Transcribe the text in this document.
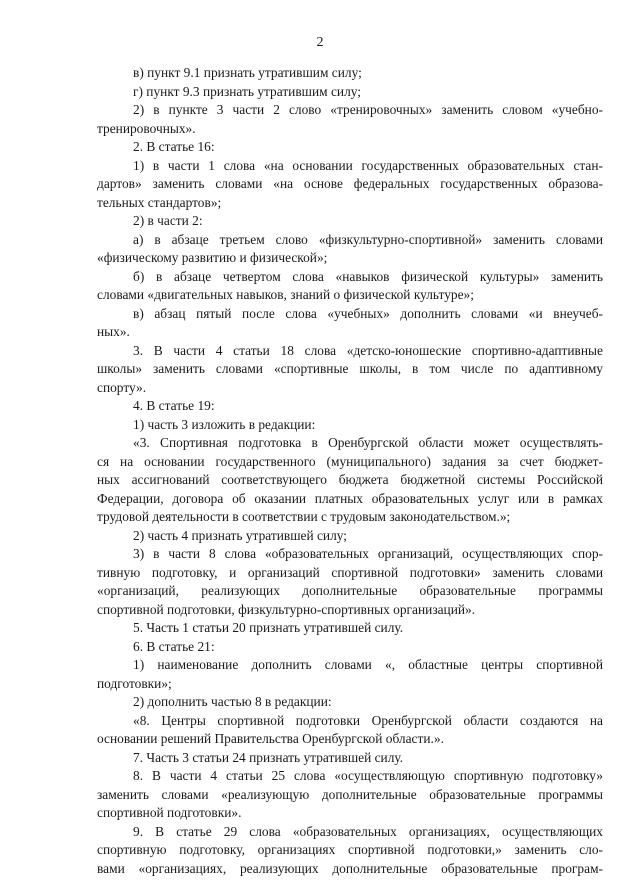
2
в) пункт 9.1 признать утратившим силу;
г) пункт 9.3 признать утратившим силу;
2) в пункте 3 части 2 слово «тренировочных» заменить словом «учебно-
тренировочных».
2. В статье 16:
1) в части 1 слова «на основании государственных образовательных стан-
дартов» заменить словами «на основе федеральных государственных образова-
тельных стандартов»;
2) в части 2:
а) в абзаце третьем слово «физкультурно-спортивной» заменить словами
«физическому развитию и физической»;
б) в абзаце четвертом слова «навыков физической культуры» заменить
словами «двигательных навыков, знаний о физической культуре»;
в) абзац пятый после слова «учебных» дополнить словами «и внеучеб-
ных».
3. В части 4 статьи 18 слова «детско-юношеские спортивно-адаптивные
школы» заменить словами «спортивные школы, в том числе по адаптивному
спорту».
4. В статье 19:
1) часть 3 изложить в редакции:
«3. Спортивная подготовка в Оренбургской области может осуществлять-
ся на основании государственного (муниципального) задания за счет бюджет-
ных ассигнований соответствующего бюджета бюджетной системы Российской
Федерации, договора об оказании платных образовательных услуг или в рамках
трудовой деятельности в соответствии с трудовым законодательством.»;
2) часть 4 признать утратившей силу;
3) в части 8 слова «образовательных организаций, осуществляющих спор-
тивную подготовку, и организаций спортивной подготовки» заменить словами
«организаций, реализующих дополнительные образовательные программы
спортивной подготовки, физкультурно-спортивных организаций».
5. Часть 1 статьи 20 признать утратившей силу.
6. В статье 21:
1) наименование дополнить словами «, областные центры спортивной
подготовки»;
2) дополнить частью 8 в редакции:
«8. Центры спортивной подготовки Оренбургской области создаются на
основании решений Правительства Оренбургской области.».
7. Часть 3 статьи 24 признать утратившей силу.
8. В части 4 статьи 25 слова «осуществляющую спортивную подготовку»
заменить словами «реализующую дополнительные образовательные программы
спортивной подготовки».
9. В статье 29 слова «образовательных организациях, осуществляющих
спортивную подготовку, организациях спортивной подготовки,» заменить сло-
вами «организациях, реализующих дополнительные образовательные програм-
